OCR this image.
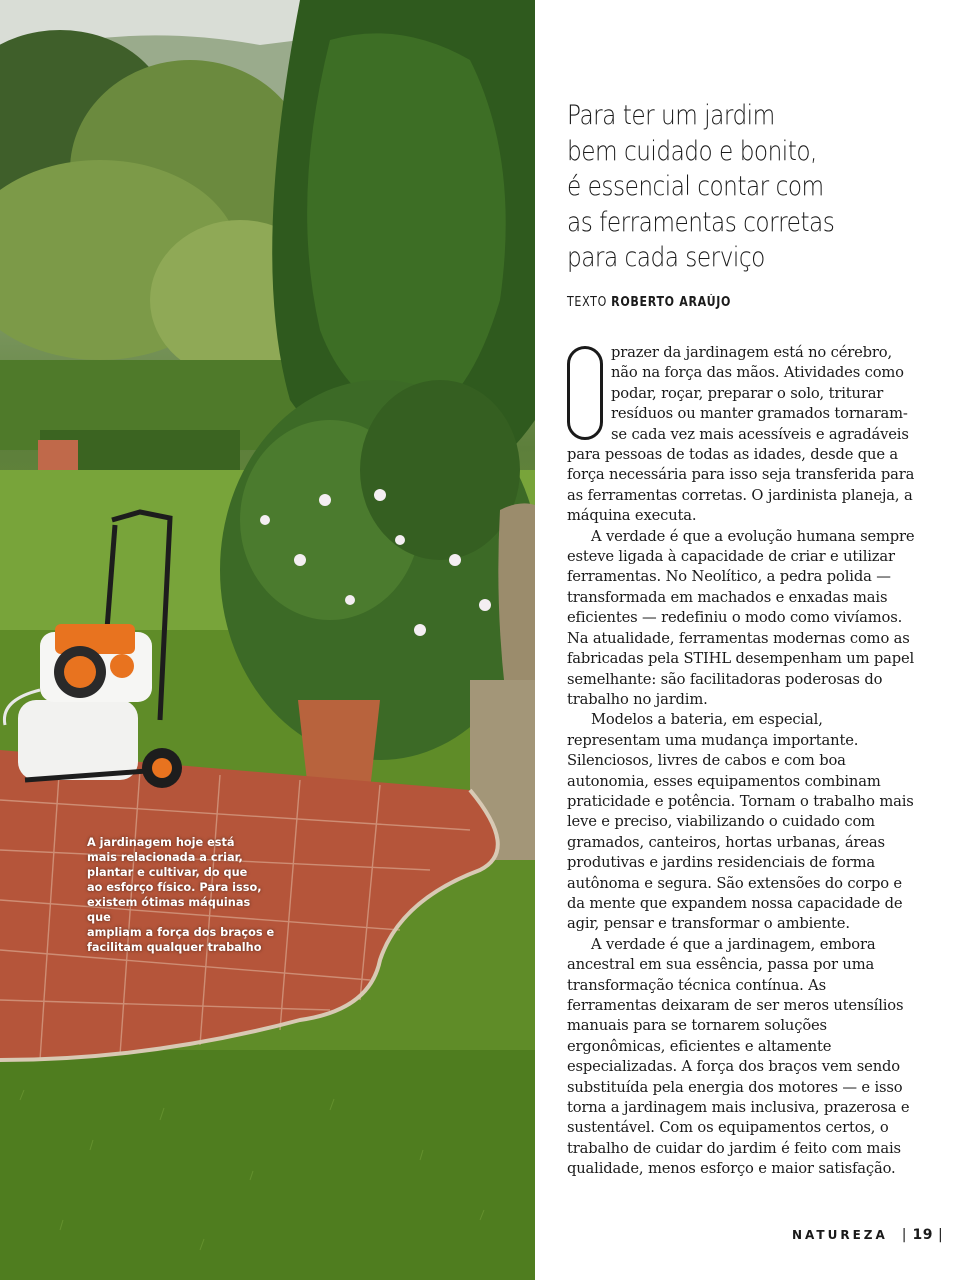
A jardinagem hoje está
mais relacionada a criar,
plantar e cultivar, do que
ao esforço físico. Para isso,
existem ótimas máquinas que
ampliam a força dos braços e
facilitam qualquer trabalho
Para ter um jardim
bem cuidado e bonito,
é essencial contar com
as ferramentas corretas
para cada serviço
TEXTO ROBERTO ARAÚJO

prazer da jardinagem está no cérebro, não na força das mãos. Atividades como podar, roçar, preparar o solo, triturar resíduos ou manter gramados tornaram-se cada vez mais acessíveis e agradáveis para pessoas de todas as idades, desde que a força necessária para isso seja transferida para as ferramentas corretas. O jardinista planeja, a máquina executa.

A verdade é que a evolução humana sempre esteve ligada à capacidade de criar e utilizar ferramentas. No Neolítico, a pedra polida — transformada em machados e enxadas mais eficientes — redefiniu o modo como vivíamos. Na atualidade, ferramentas modernas como as fabricadas pela STIHL desempenham um papel semelhante: são facilitadoras poderosas do trabalho no jardim.

Modelos a bateria, em especial, representam uma mudança importante. Silenciosos, livres de cabos e com boa autonomia, esses equipamentos combinam praticidade e potência. Tornam o trabalho mais leve e preciso, viabilizando o cuidado com gramados, canteiros, hortas urbanas, áreas produtivas e jardins residenciais de forma autônoma e segura. São extensões do corpo e da mente que expandem nossa capacidade de agir, pensar e transformar o ambiente.

A verdade é que a jardinagem, embora ancestral em sua essência, passa por uma transformação técnica contínua. As ferramentas deixaram de ser meros utensílios manuais para se tornarem soluções ergonômicas, eficientes e altamente especializadas. A força dos braços vem sendo substituída pela energia dos motores — e isso torna a jardinagem mais inclusiva, prazerosa e sustentável. Com os equipamentos certos, o trabalho de cuidar do jardim é feito com mais qualidade, menos esforço e maior satisfação.

NATUREZA | 19 |
